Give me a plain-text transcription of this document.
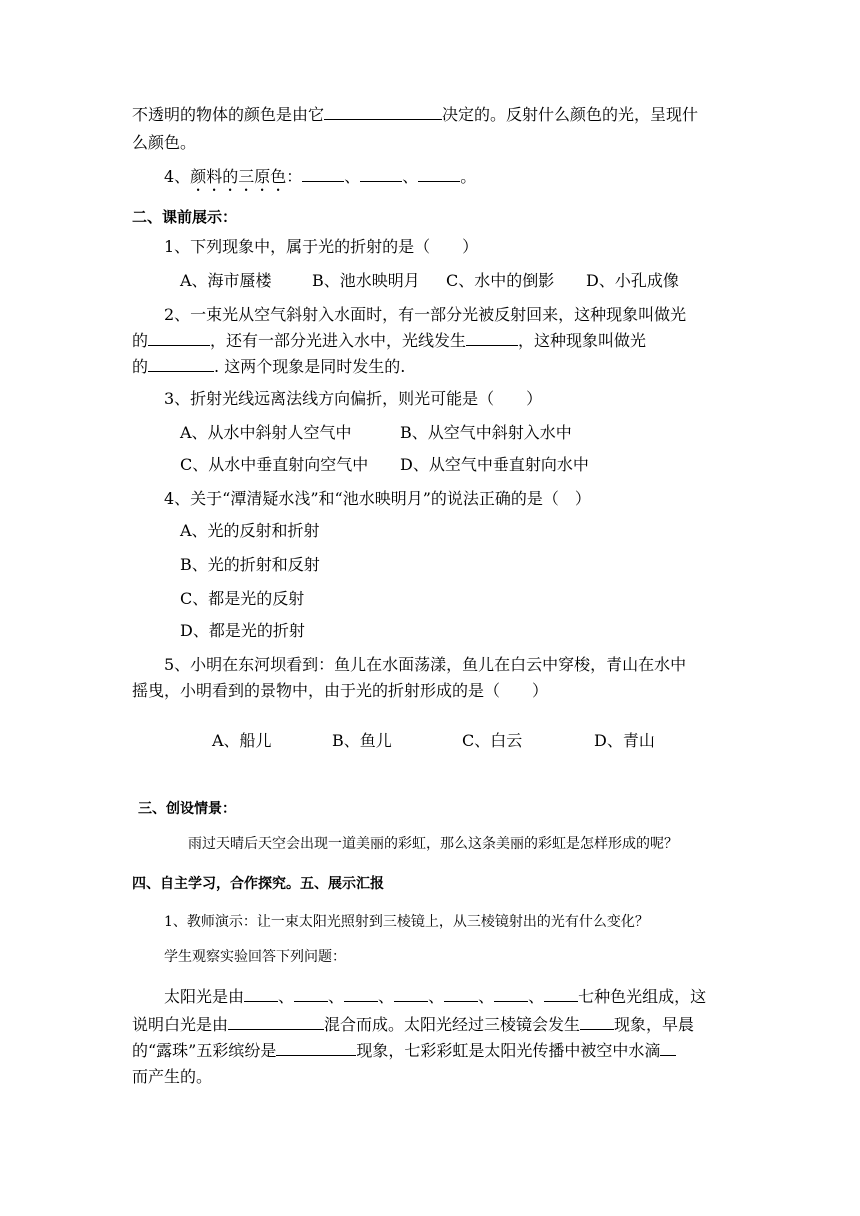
不透明的物体的颜色是由它	决定的。反射什么颜色的光，呈现什
么颜色。
4、颜料的三原色：	、	、	。
二、课前展示：
1、下列现象中，属于光的折射的是（　　）
A、海市蜃楼	B、池水映明月 C、水中的倒影 D、小孔成像
2、一束光从空气斜射入水面时，有一部分光被反射回来，这种现象叫做光
的	，还有一部分光进入水中，光线发生	，这种现象叫做光
的	. 这两个现象是同时发生的.
3、折射光线远离法线方向偏折，则光可能是（　　）
A、从水中斜射人空气中	B、从空气中斜射入水中
C、从水中垂直射向空气中 D、从空气中垂直射向水中
4、关于“潭清疑水浅”和“池水映明月”的说法正确的是（　）
A、光的反射和折射
B、光的折射和反射
C、都是光的反射
D、都是光的折射
5、小明在东河坝看到：鱼儿在水面荡漾，鱼儿在白云中穿梭，青山在水中
摇曳，小明看到的景物中，由于光的折射形成的是（　　）
A、船儿	B、鱼儿	C、白云	D、青山
三、创设情景：
雨过天晴后天空会出现一道美丽的彩虹，那么这条美丽的彩虹是怎样形成的呢？
四、自主学习，合作探究。五、展示汇报
1、教师演示：让一束太阳光照射到三棱镜上，从三棱镜射出的光有什么变化？
学生观察实验回答下列问题：
太阳光是由 、 、 、 、 、 、 七种色光组成，这
说明白光是由	混合而成。太阳光经过三棱镜会发生 现象，早晨
的“露珠”五彩缤纷是	现象，七彩彩虹是太阳光传播中被空中水滴
而产生的。
